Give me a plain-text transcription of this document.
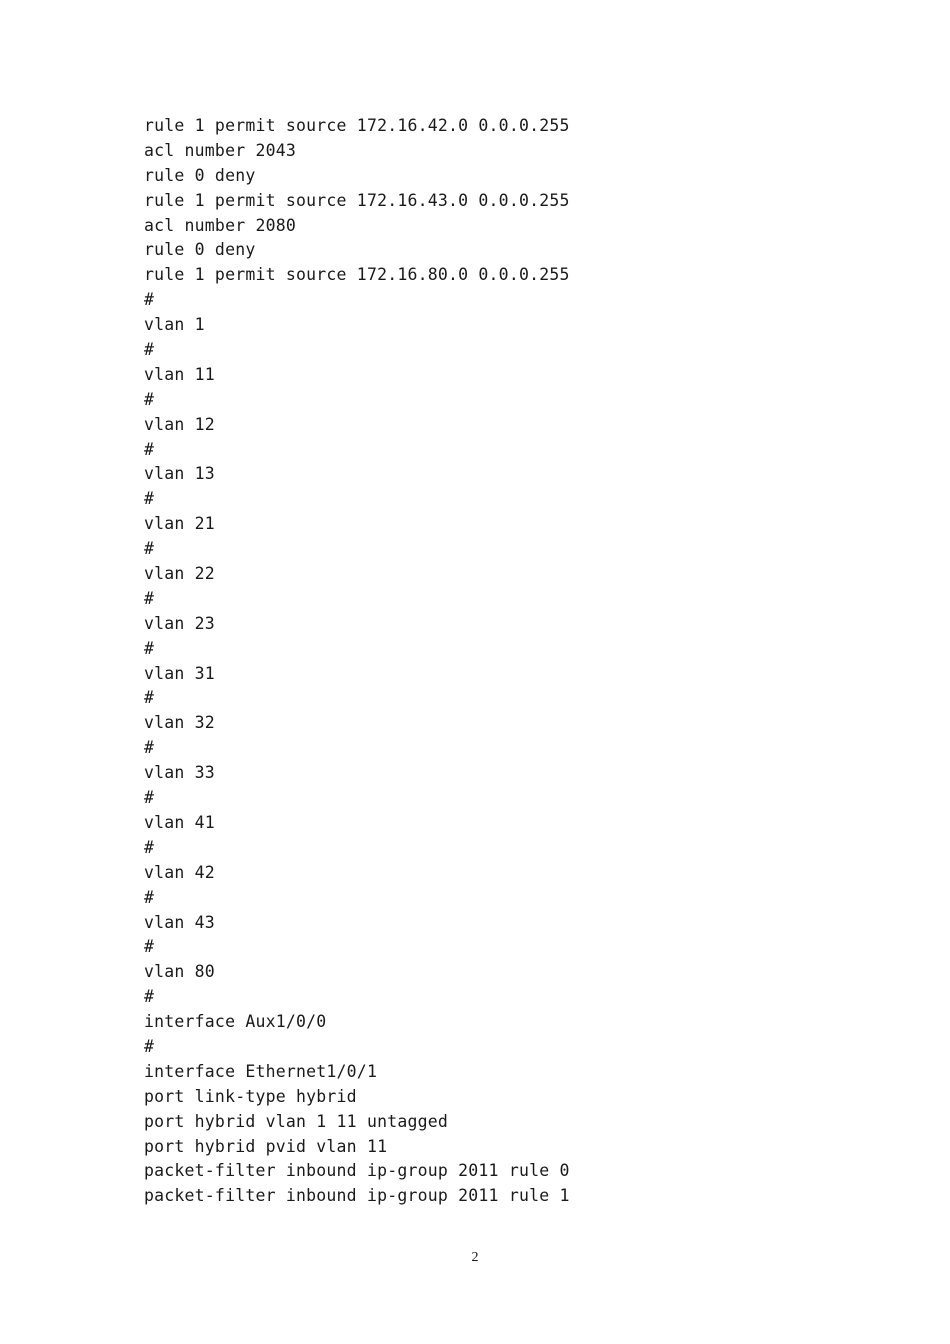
rule 1 permit source 172.16.42.0 0.0.0.255
acl number 2043
rule 0 deny
rule 1 permit source 172.16.43.0 0.0.0.255
acl number 2080
rule 0 deny
rule 1 permit source 172.16.80.0 0.0.0.255
#
vlan 1
#
vlan 11
#
vlan 12
#
vlan 13
#
vlan 21
#
vlan 22
#
vlan 23
#
vlan 31
#
vlan 32
#
vlan 33
#
vlan 41
#
vlan 42
#
vlan 43
#
vlan 80
#
interface Aux1/0/0
#
interface Ethernet1/0/1
port link-type hybrid
port hybrid vlan 1 11 untagged
port hybrid pvid vlan 11
packet-filter inbound ip-group 2011 rule 0
packet-filter inbound ip-group 2011 rule 1
2
